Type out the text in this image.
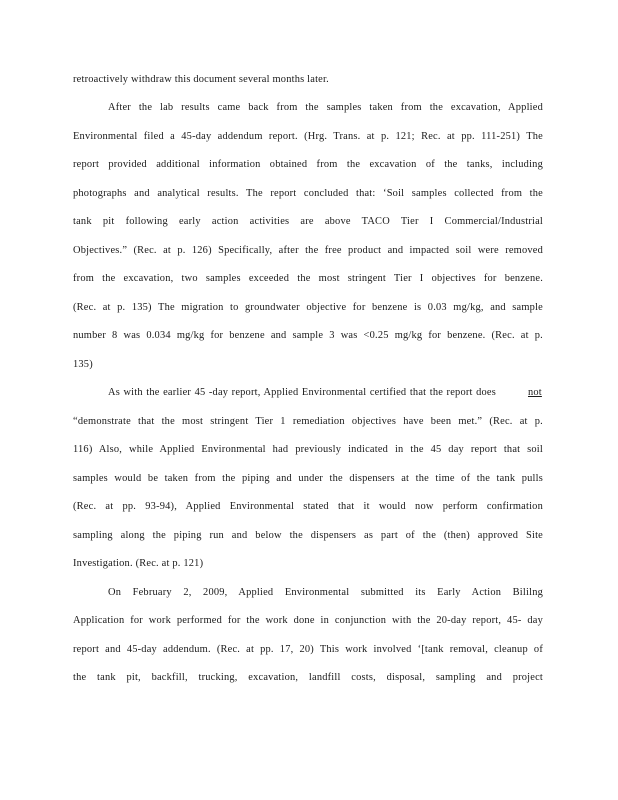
retroactively withdraw this document several months later.
After the lab results came back from the samples taken from the excavation, Applied
Environmental filed a 45-day addendum report. (Hrg. Trans. at p. 121; Rec. at pp. 111-251) The
report provided additional information obtained from the excavation of the tanks, including
photographs and analytical results. The report concluded that: ‘Soil samples collected from the
tank pit following early action activities are above TACO Tier I Commercial/Industrial
Objectives.” (Rec. at p. 126) Specifically, after the free product and impacted soil were removed
from the excavation, two samples exceeded the most stringent Tier I objectives for benzene.
(Rec. at p. 135) The migration to groundwater objective for benzene is 0.03 mg/kg, and sample
number 8 was 0.034 mg/kg for benzene and sample 3 was <0.25 mg/kg for benzene. (Rec. at p.
135)
As with the earlier 45 -day report, Applied Environmental certified that the report does	not
“demonstrate that the most stringent Tier 1 remediation objectives have been met.” (Rec. at p.
116) Also, while Applied Environmental had previously indicated in the 45 day report that soil
samples would be taken from the piping and under the dispensers at the time of the tank pulls
(Rec. at pp. 93-94), Applied Environmental stated that it would now perform confirmation
sampling along the piping run and below the dispensers as part of the (then) approved Site
Investigation. (Rec. at p. 121)
On February 2, 2009, Applied Environmental submitted its Early Action Bililng
Application for work performed for the work done in conjunction with the 20-day report, 45- day
report and 45-day addendum. (Rec. at pp. 17, 20) This work involved ‘[tank removal, cleanup of
the tank pit, backfill, trucking, excavation, landfill costs, disposal, sampling and project
